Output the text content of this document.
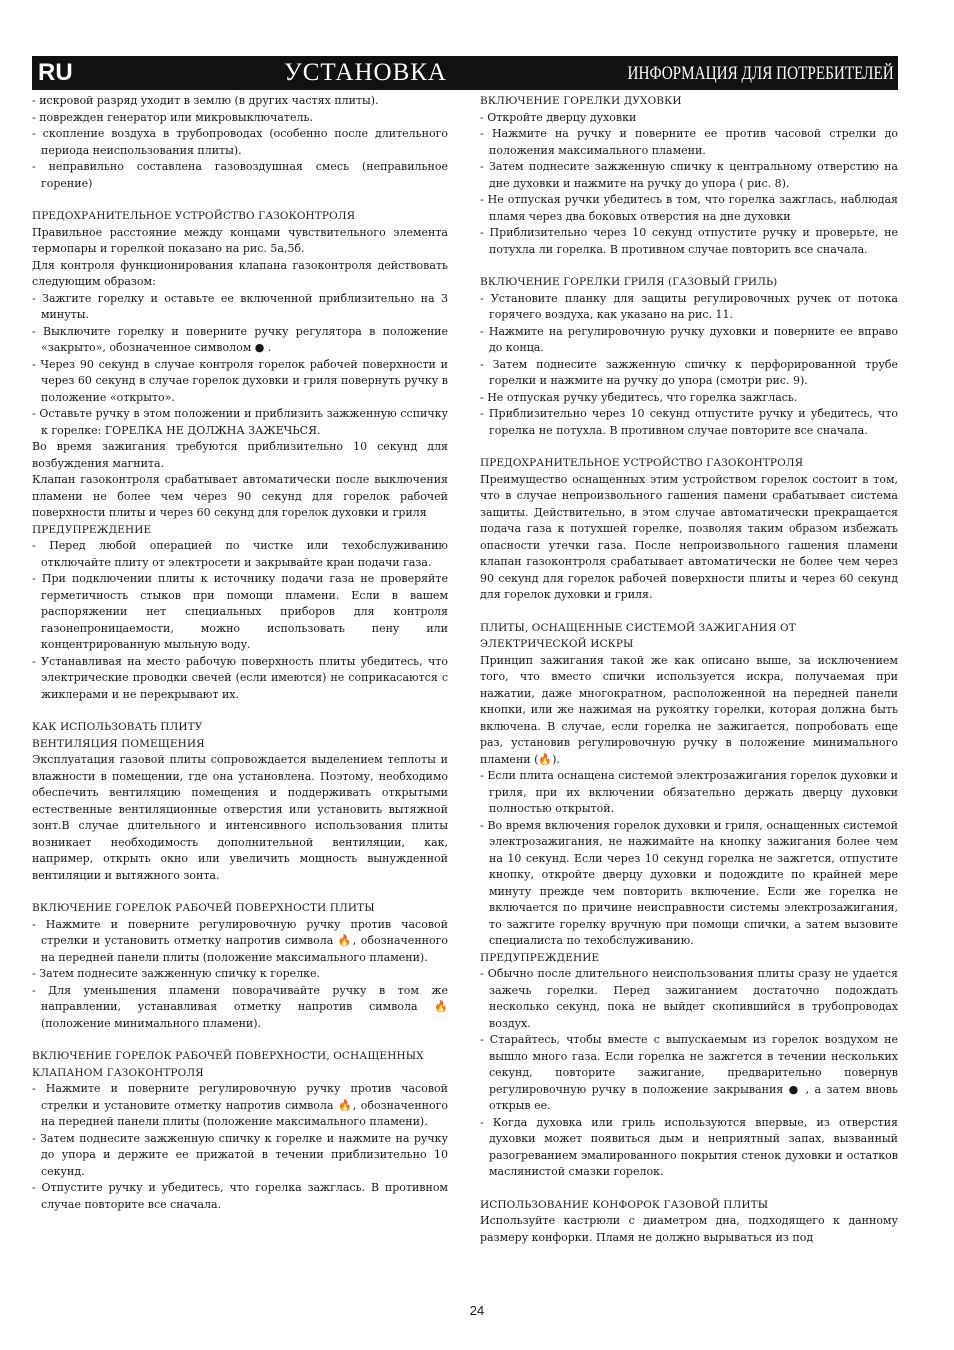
RU	УСТАНОВКА	ИНФОРМАЦИЯ ДЛЯ ПОТРЕБИТЕЛЕЙ
- искровой разряд уходит в землю (в других частях плиты).
- поврежден генератор или микровыключатель.
- скопление воздуха в трубопроводах (особенно после длительного периода неиспользования плиты).
- неправильно составлена газовоздушная смесь (неправильное горение)

ПРЕДОХРАНИТЕЛЬНОЕ УСТРОЙСТВО ГАЗОКОНТРОЛЯ

Правильное расстояние между концами чувствительного элемента термопары и горелкой показано на рис. 5а,5б.

Для контроля функционирования клапана газоконтроля действовать следующим образом:

- Зажгите горелку и оставьте ее включенной приблизительно на 3 минуты.
- Выключите горелку и поверните ручку регулятора в положение «закрыто», обозначенное символом ● .
- Через 90 секунд в случае контроля горелок рабочей поверхности и через 60 секунд в случае горелок духовки и гриля повернуть ручку в положение «открыто».
- Оставьте ручку в этом положении и приблизить зажженную сспичку к горелке: ГОРЕЛКА НЕ ДОЛЖНА ЗАЖЕЧЬСЯ.

Во время зажигания требуются приблизительно 10 секунд для возбуждения магнита.

Клапан газоконтроля срабатывает автоматически после выключения пламени не более чем через 90 секунд для горелок рабочей поверхности плиты и через 60 секунд для горелок духовки и гриля

ПРЕДУПРЕЖДЕНИЕ

- Перед любой операцией по чистке или техобслуживанию отключайте плиту от электросети и закрывайте кран подачи газа.
- При подключении плиты к источнику подачи газа не проверяйте герметичность стыков при помощи пламени. Если в вашем распоряжении нет специальных приборов для контроля газонепроницаемости, можно использовать пену или концентрированную мыльную воду.
- Устанавливая на место рабочую поверхность плиты убедитесь, что электрические проводки свечей (если имеются) не соприкасаются с жиклерами и не перекрывают их.

КАК ИСПОЛЬЗОВАТЬ ПЛИТУ

ВЕНТИЛЯЦИЯ ПОМЕЩЕНИЯ

Эксплуатация газовой плиты сопровождается выделением теплоты и влажности в помещении, где она установлена. Поэтому, необходимо обеспечить вентиляцию помещения и поддерживать открытыми естественные вентиляционные отверстия или установить вытяжной зонт.В случае длительного и интенсивного использования плиты возникает необходимость дополнительной вентиляции, как, например, открыть окно или увеличить мощность вынужденной вентиляции и вытяжного зонта.

ВКЛЮЧЕНИЕ ГОРЕЛОК РАБОЧЕЙ ПОВЕРХНОСТИ ПЛИТЫ

- Нажмите и поверните регулировочную ручку против часовой стрелки и установить отметку напротив символа 🔥, обозначенного на передней панели плиты (положение максимального пламени).
- Затем поднесите зажженную спичку к горелке.
- Для уменьшения пламени поворачивайте ручку в том же направлении, устанавливая отметку напротив символа 🔥 (положение минимального пламени).

ВКЛЮЧЕНИЕ ГОРЕЛОК РАБОЧЕЙ ПОВЕРХНОСТИ, ОСНАЩЕННЫХ КЛАПАНОМ ГАЗОКОНТРОЛЯ

- Нажмите и поверните регулировочную ручку против часовой стрелки и установите отметку напротив символа 🔥, обозначенного на передней панели плиты (положение максимального пламени).
- Затем поднесите зажженную спичку к горелке и нажмите на ручку до упора и держите ее прижатой в течении приблизительно 10 секунд.
- Отпустите ручку и убедитесь, что горелка зажглась. В противном случае повторите все сначала.

ВКЛЮЧЕНИЕ ГОРЕЛКИ ДУХОВКИ

- Откройте дверцу духовки
- Нажмите на ручку и поверните ее против часовой стрелки до положения максимального пламени.
- Затем поднесите зажженную спичку к центральному отверстию на дне духовки и нажмите на ручку до упора ( рис. 8).
- Не отпуская ручки убедитесь в том, что горелка зажглась, наблюдая пламя через два боковых отверстия на дне духовки
- Приблизительно через 10 секунд отпустите ручку и проверьте, не потухла ли горелка. В противном случае повторить все сначала.

ВКЛЮЧЕНИЕ ГОРЕЛКИ ГРИЛЯ (ГАЗОВЫЙ ГРИЛЬ)

- Установите планку для защиты регулировочных ручек от потока горячего воздуха, как указано на рис. 11.
- Нажмите на регулировочную ручку духовки и поверните ее вправо до конца.
- Затем поднесите зажженную спичку к перфорированной трубе горелки и нажмите на ручку до упора (смотри рис. 9).
- Не отпуская ручку убедитесь, что горелка зажглась.
- Приблизительно через 10 секунд отпустите ручку и убедитесь, что горелка не потухла. В противном случае повторите все сначала.

ПРЕДОХРАНИТЕЛЬНОЕ УСТРОЙСТВО ГАЗОКОНТРОЛЯ

Преимущество оснащенных этим устройством горелок состоит в том, что в случае непроизвольного гашения памени срабатывает система защиты. Действительно, в этом случае автоматически прекращается подача газа к потухшей горелке, позволяя таким образом избежать опасности утечки газа. После непроизвольного гашения пламени клапан газоконтроля срабатывает автоматически не более чем через 90 секунд для горелок рабочей поверхности плиты и через 60 секунд для горелок духовки и гриля.

ПЛИТЫ, ОСНАЩЕННЫЕ СИСТЕМОЙ ЗАЖИГАНИЯ ОТ ЭЛЕКТРИЧЕСКОЙ ИСКРЫ

Принцип зажигания такой же как описано выше, за исключением того, что вместо спички используется искра, получаемая при нажатии, даже многократном, расположенной на передней панели кнопки, или же нажимая на рукоятку горелки, которая должна быть включена. В случае, если горелка не зажигается, попробовать еще раз, установив регулировочную ручку в положение минимального пламени (🔥).

- Если плита оснащена системой электрозажигания горелок духовки и гриля, при их включении обязательно держать дверцу духовки полностью открытой.
- Во время включения горелок духовки и гриля, оснащенных системой электрозажигания, не нажимайте на кнопку зажигания более чем на 10 секунд. Если через 10 секунд горелка не зажгется, отпустите кнопку, откройте дверцу духовки и подождите по крайней мере минуту прежде чем повторить включение. Если же горелка не включается по причине неисправности системы электрозажигания, то зажгите горелку вручную при помощи спички, а затем вызовите специалиста по техобслуживанию.

ПРЕДУПРЕЖДЕНИЕ

- Обычно после длительного неиспользования плиты сразу не удается зажечь горелки. Перед зажиганием достаточно подождать несколько секунд, пока не выйдет скопившийся в трубопроводах воздух.
- Старайтесь, чтобы вместе с выпускаемым из горелок воздухом не вышло много газа. Если горелка не зажгется в течении нескольких секунд, повторите зажигание, предварительно повернув регулировочную ручку в положение закрывания ● , а затем вновь открыв ее.
- Когда духовка или гриль используются впервые, из отверстия духовки может появиться дым и неприятный запах, вызванный разогреванием эмалированного покрытия стенок духовки и остатков маслянистой смазки горелок.

ИСПОЛЬЗОВАНИЕ КОНФОРОК ГАЗОВОЙ ПЛИТЫ

Используйте кастрюли с диаметром дна, подходящего к данному размеру конфорки. Пламя не должно вырываться из под

24
